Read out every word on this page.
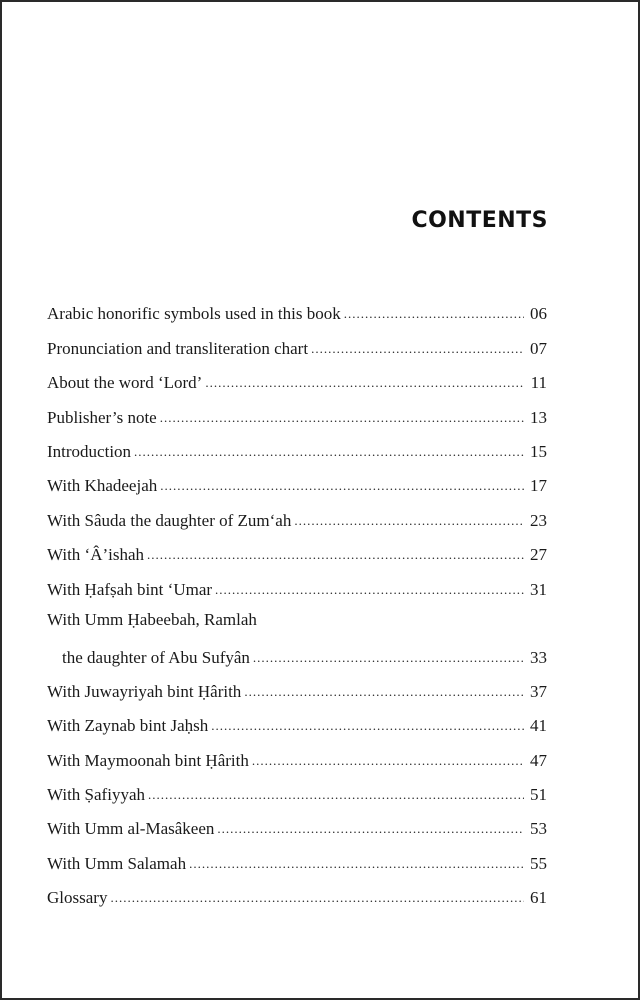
CONTENTS
Arabic honorific symbols used in this book .....	06
Pronunciation and transliteration chart .....	07
About the word ‘Lord’ .....	11
Publisher’s note .....	13
Introduction .....	15
With Khadeejah .....	17
With Sâuda the daughter of Zum‘ah .....	23
With ‘Â’ishah .....	27
With Ḥafṣah bint ‘Umar .....	31
With Umm Ḥabeebah, Ramlah
the daughter of Abu Sufyân .....	33
With Juwayriyah bint Ḥârith .....	37
With Zaynab bint Jaḥsh .....	41
With Maymoonah bint Ḥârith .....	47
With Ṣafiyyah .....	51
With Umm al-Masâkeen .....	53
With Umm Salamah .....	55
Glossary .....	61
